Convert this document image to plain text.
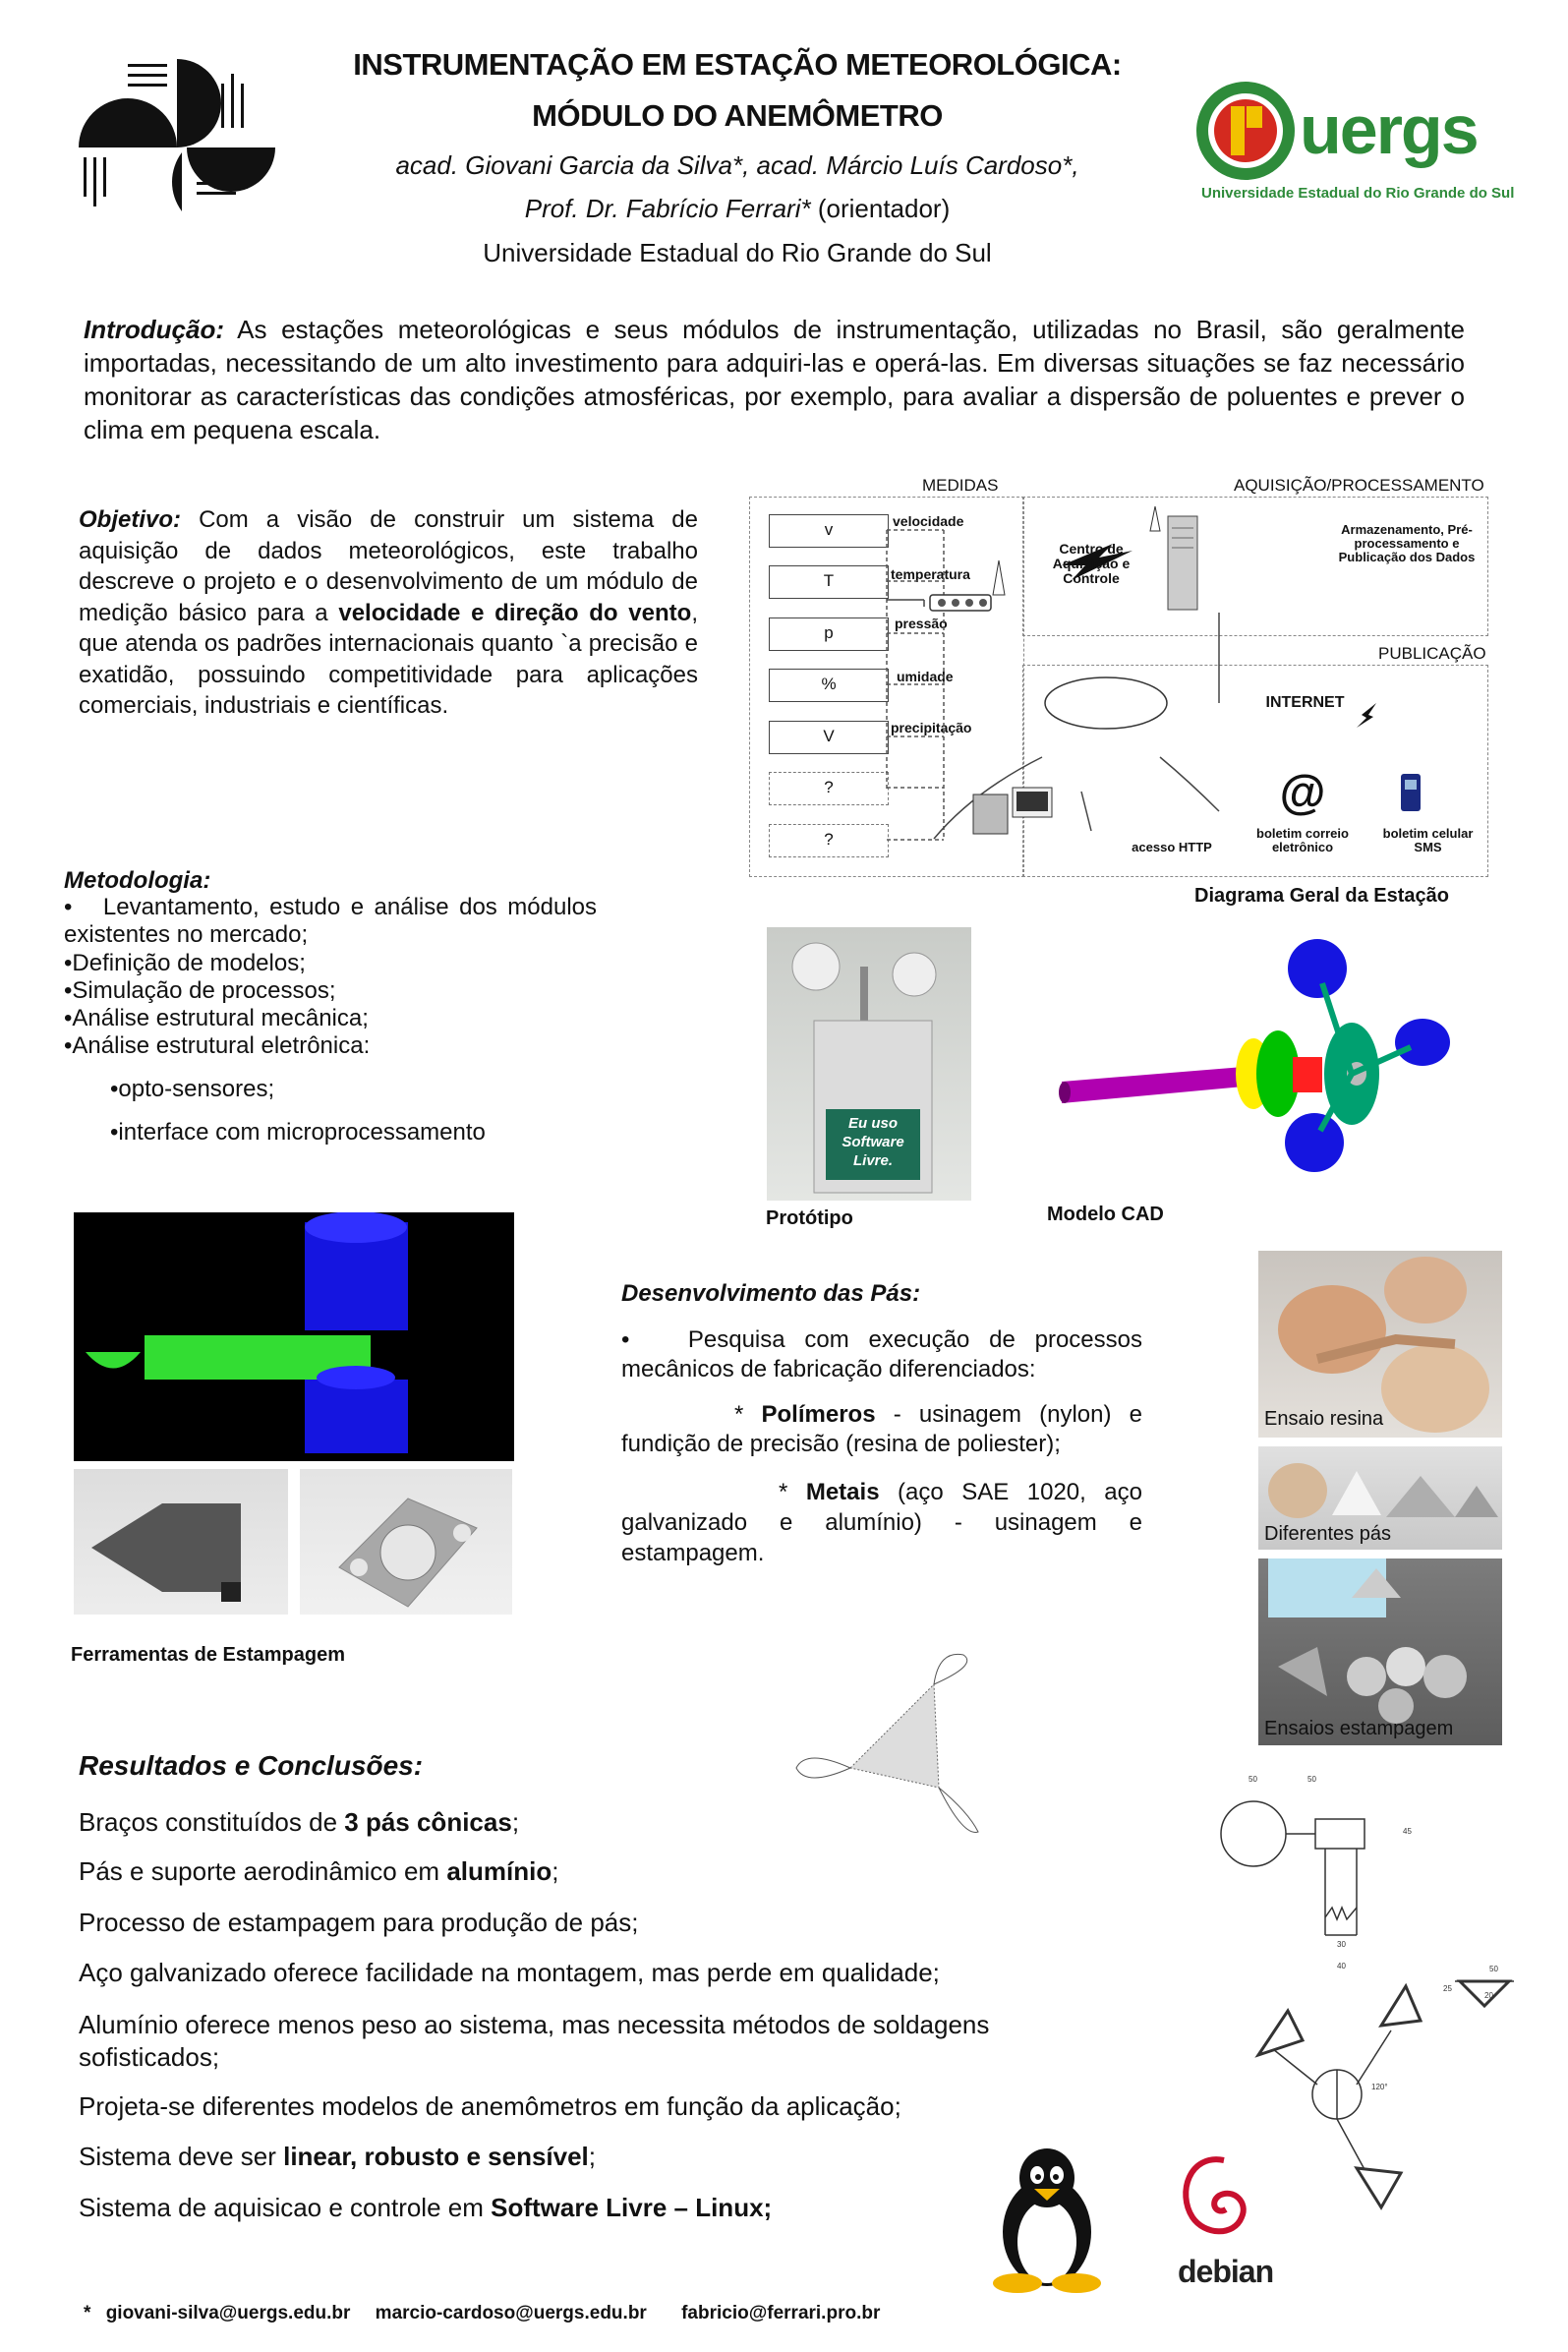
INSTRUMENTAÇÃO EM ESTAÇÃO METEOROLÓGICA:
MÓDULO DO ANEMÔMETRO
acad. Giovani Garcia da Silva*, acad. Márcio Luís Cardoso*,
Prof. Dr. Fabrício Ferrari* (orientador)
Universidade Estadual do Rio Grande do Sul
uergs
Universidade Estadual do Rio Grande do Sul
Introdução: As estações meteorológicas e seus módulos de instrumentação, utilizadas no Brasil, são geralmente importadas, necessitando de um alto investimento para adquiri-las e operá-las. Em diversas situações se faz necessário monitorar as características das condições atmosféricas, por exemplo, para avaliar a dispersão de poluentes e prever o clima em pequena escala.
Objetivo: Com a visão de construir um sistema de aquisição de dados meteorológicos, este trabalho descreve o projeto e o desenvolvimento de um módulo de medição básico para a velocidade e direção do vento, que atenda os padrões internacionais quanto `a precisão e exatidão, possuindo competitividade para aplicações comerciais, industriais e científicas.
MEDIDAS	AQUISIÇÃO/PROCESSAMENTO
PUBLICAÇÃO
v
T
p
%
V
?
?
velocidade
temperatura
pressão
umidade
precipitação
Centro de Aquisição e Controle
Armazenamento, Pré-processamento e Publicação dos Dados
INTERNET
@
acesso HTTP
boletim correio eletrônico
boletim celular SMS
Diagrama Geral da Estação
Metodologia:
•   Levantamento, estudo e análise dos módulos existentes no mercado;
•Definição de modelos;
•Simulação de processos;
•Análise estrutural mecânica;
•Análise estrutural eletrônica:
•opto-sensores;
•interface com microprocessamento	Eu uso Software Livre.
Protótipo	Modelo CAD
Ferramentas de Estampagem
Desenvolvimento das Pás:
•   Pesquisa com execução de processos mecânicos de fabricação diferenciados:
* Polímeros - usinagem (nylon) e fundição de precisão (resina de poliester);
* Metais (aço SAE 1020, aço galvanizado e alumínio) - usinagem e estampagem.
Ensaio resina
Diferentes pás
Ensaios estampagem
50	50
45
30
40	50
25
20
120°
Resultados e Conclusões:
Braços constituídos de 3 pás cônicas;
Pás e suporte aerodinâmico em alumínio;
Processo de estampagem para produção de pás;
Aço galvanizado oferece facilidade na montagem, mas perde em qualidade;
Alumínio oferece menos peso ao sistema, mas necessita métodos de soldagens sofisticados;
Projeta-se diferentes modelos de anemômetros em função da aplicação;
Sistema deve ser linear, robusto e sensível;
Sistema de aquisicao e controle em Software Livre – Linux;
debian
* giovani-silva@uergs.edu.br marcio-cardoso@uergs.edu.br fabricio@ferrari.pro.br
